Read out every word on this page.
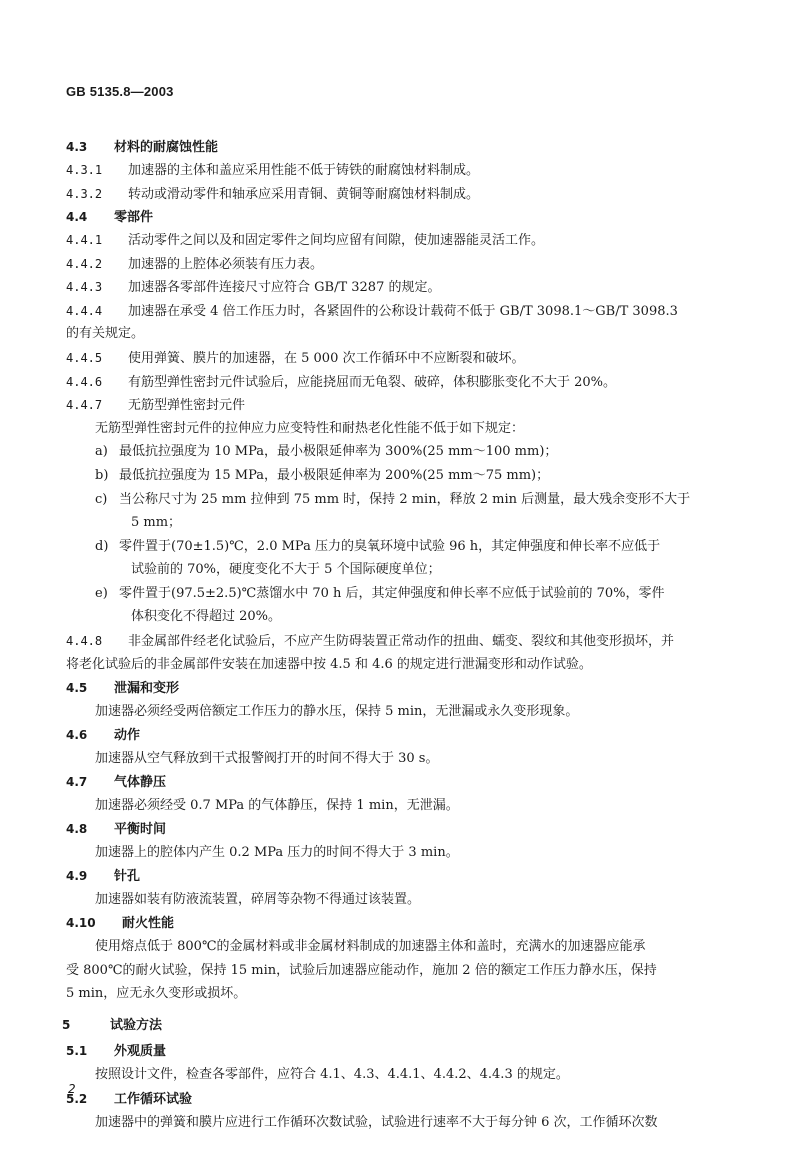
GB 5135.8—2003
4.3 材料的耐腐蚀性能
4.3.1 加速器的主体和盖应采用性能不低于铸铁的耐腐蚀材料制成。
4.3.2 转动或滑动零件和轴承应采用青铜、黄铜等耐腐蚀材料制成。
4.4 零部件
4.4.1 活动零件之间以及和固定零件之间均应留有间隙，使加速器能灵活工作。
4.4.2 加速器的上腔体必须装有压力表。
4.4.3 加速器各零部件连接尺寸应符合 GB/T 3287 的规定。
4.4.4 加速器在承受 4 倍工作压力时，各紧固件的公称设计载荷不低于 GB/T 3098.1～GB/T 3098.3
的有关规定。
4.4.5 使用弹簧、膜片的加速器，在 5 000 次工作循环中不应断裂和破坏。
4.4.6 有筋型弹性密封元件试验后，应能挠屈而无龟裂、破碎，体积膨胀变化不大于 20%。
4.4.7 无筋型弹性密封元件
无筋型弹性密封元件的拉伸应力应变特性和耐热老化性能不低于如下规定：
a) 最低抗拉强度为 10 MPa，最小极限延伸率为 300%(25 mm～100 mm)；
b) 最低抗拉强度为 15 MPa，最小极限延伸率为 200%(25 mm～75 mm)；
c) 当公称尺寸为 25 mm 拉伸到 75 mm 时，保持 2 min，释放 2 min 后测量，最大残余变形不大于
5 mm；
d) 零件置于(70±1.5)℃，2.0 MPa 压力的臭氧环境中试验 96 h，其定伸强度和伸长率不应低于
试验前的 70%，硬度变化不大于 5 个国际硬度单位；
e) 零件置于(97.5±2.5)℃蒸馏水中 70 h 后，其定伸强度和伸长率不应低于试验前的 70%，零件
体积变化不得超过 20%。
4.4.8 非金属部件经老化试验后，不应产生防碍装置正常动作的扭曲、蠕变、裂纹和其他变形损坏，并
将老化试验后的非金属部件安装在加速器中按 4.5 和 4.6 的规定进行泄漏变形和动作试验。
4.5 泄漏和变形
加速器必须经受两倍额定工作压力的静水压，保持 5 min，无泄漏或永久变形现象。
4.6 动作
加速器从空气释放到干式报警阀打开的时间不得大于 30 s。
4.7 气体静压
加速器必须经受 0.7 MPa 的气体静压，保持 1 min，无泄漏。
4.8 平衡时间
加速器上的腔体内产生 0.2 MPa 压力的时间不得大于 3 min。
4.9 针孔
加速器如装有防液流装置，碎屑等杂物不得通过该装置。
4.10 耐火性能
使用熔点低于 800℃的金属材料或非金属材料制成的加速器主体和盖时，充满水的加速器应能承
受 800℃的耐火试验，保持 15 min，试验后加速器应能动作，施加 2 倍的额定工作压力静水压，保持
5 min，应无永久变形或损坏。
5	试验方法
5.1 外观质量
按照设计文件，检查各零部件，应符合 4.1、4.3、4.4.1、4.4.2、4.4.3 的规定。
5.2 工作循环试验
加速器中的弹簧和膜片应进行工作循环次数试验，试验进行速率不大于每分钟 6 次，工作循环次数
2
